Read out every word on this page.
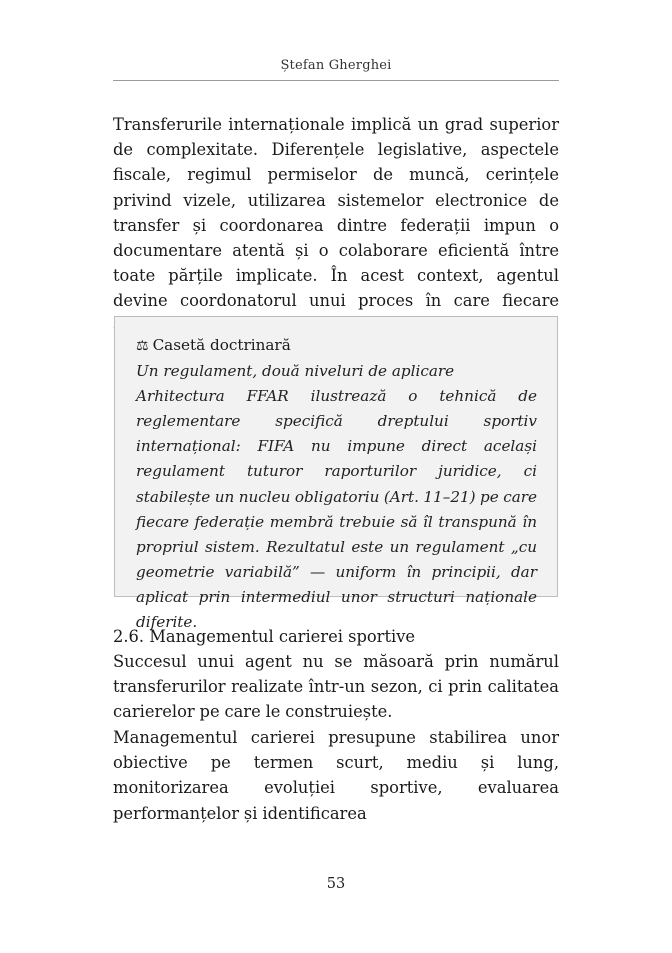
Ștefan Gherghei

Transferurile internaționale implică un grad superior de complexitate. Diferențele legislative, aspectele fiscale, regimul permiselor de muncă, cerințele privind vizele, utilizarea sistemelor electronice de transfer și coordonarea dintre federații impun o documentare atentă și o colaborare eficientă între toate părțile implicate. În acest context, agentul devine coordonatorul unui proces în care fiecare

⚖ Casetă doctrinară
Un regulament, două niveluri de aplicare
Arhitectura FFAR ilustrează o tehnică de reglementare specifică dreptului sportiv internațional: FIFA nu impune direct același regulament tuturor raporturilor juridice, ci stabilește un nucleu obligatoriu (Art. 11–21) pe care fiecare federație membră trebuie să îl transpună în propriul sistem. Rezultatul este un regulament „cu geometrie variabilă” — uniform în principii, dar aplicat prin intermediul unor structuri naționale diferite.
2.6. Managementul carierei sportive

Succesul unui agent nu se măsoară prin numărul transferurilor realizate într-un sezon, ci prin calitatea carierelor pe care le construiește.

Managementul carierei presupune stabilirea unor obiective pe termen scurt, mediu și lung, monitorizarea evoluției sportive, evaluarea performanțelor și identificarea

53
